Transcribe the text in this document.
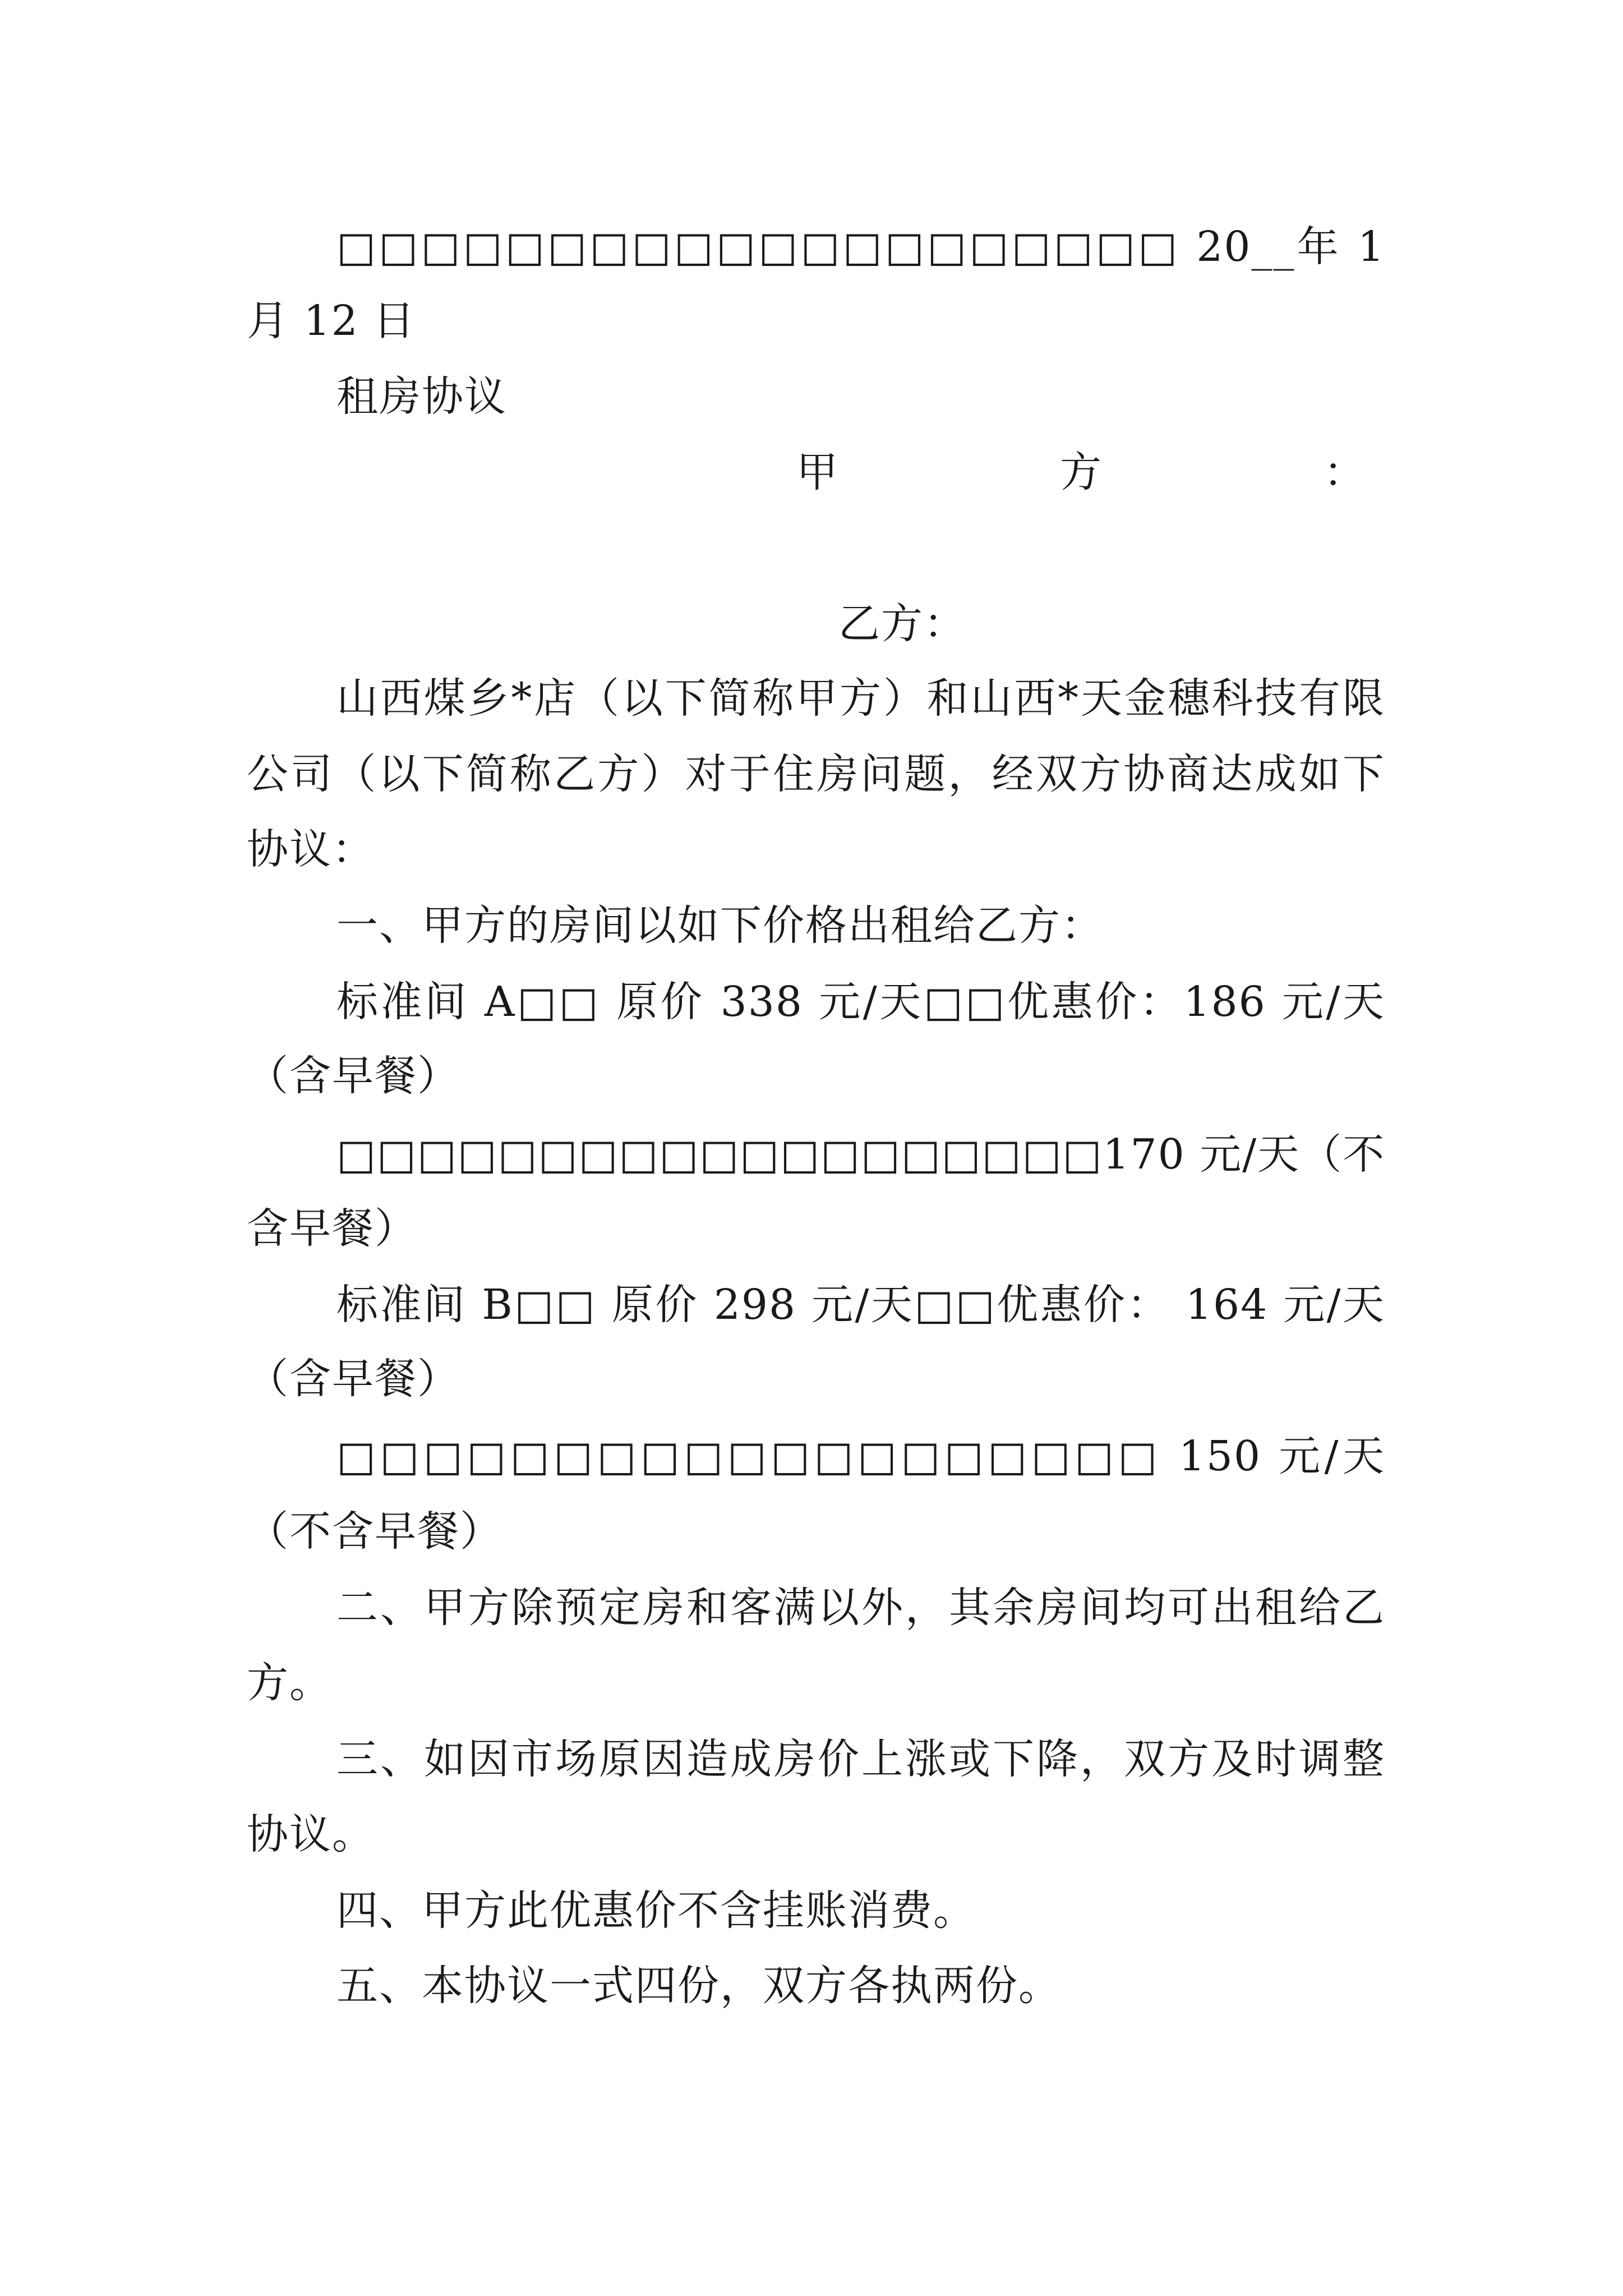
□□□□□□□□□□□□□□□□□□□□ 20__年 1
月 12 日
租房协议
甲	方	：
乙方：
山西煤乡*店（以下简称甲方）和山西*天金穗科技有限
公司（以下简称乙方）对于住房问题，经双方协商达成如下
协议：
一、甲方的房间以如下价格出租给乙方：
标准间 A□□ 原价 338 元/天□□优惠价：186 元/天
（含早餐）
□□□□□□□□□□□□□□□□□□□170 元/天（不
含早餐）
标准间 B□□ 原价 298 元/天□□优惠价： 164 元/天
（含早餐）
□□□□□□□□□□□□□□□□□□□ 150 元/天
（不含早餐）
二、甲方除预定房和客满以外，其余房间均可出租给乙
方。
三、如因市场原因造成房价上涨或下降，双方及时调整
协议。
四、甲方此优惠价不含挂账消费。
五、本协议一式四份，双方各执两份。
